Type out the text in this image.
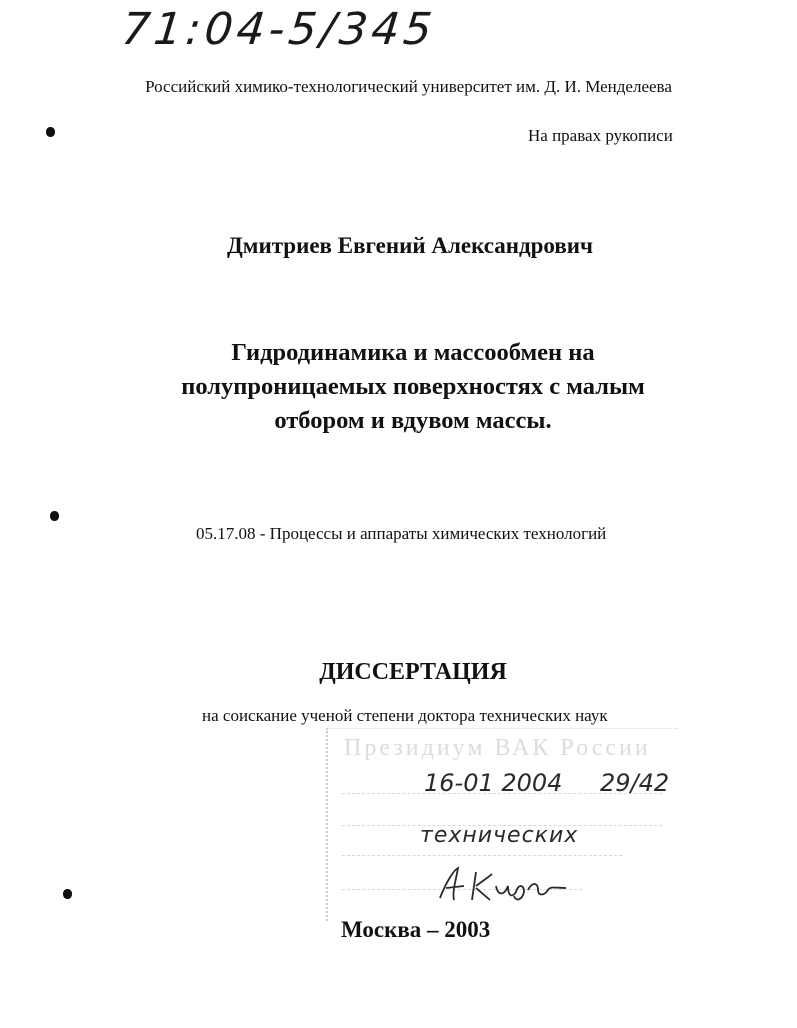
71:04-5/345
Российский химико-технологический университет им. Д. И. Менделеева
На правах рукописи
Дмитриев Евгений Александрович
Гидродинамика и массообмен на
полупроницаемых поверхностях с малым
отбором и вдувом массы.
05.17.08 - Процессы и аппараты химических технологий
ДИССЕРТАЦИЯ
на соискание ученой степени доктора технических наук
Президиум ВАК России
16-01 2004 29/42
технических
Москва – 2003
